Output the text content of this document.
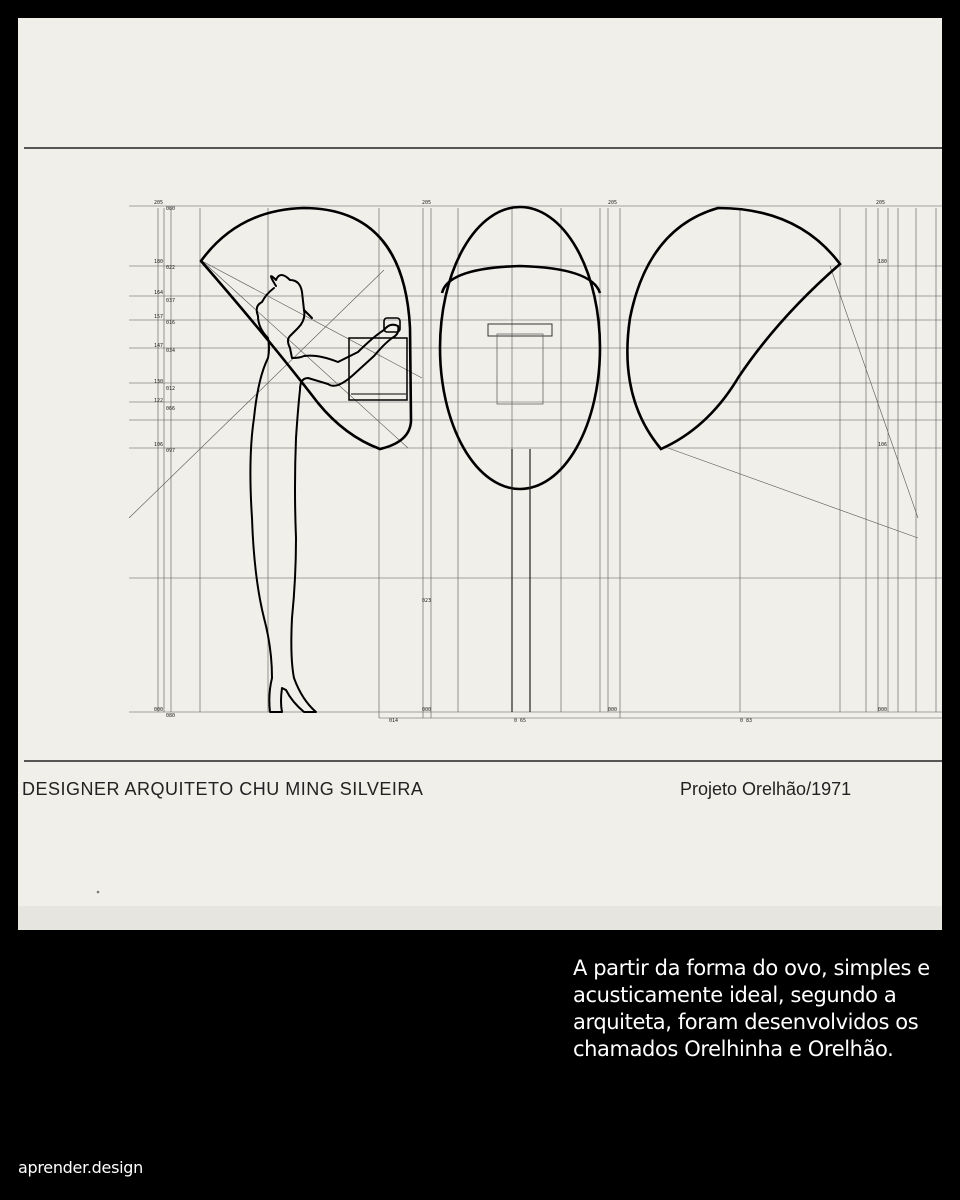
205
080
180
022
164
037
157
016
147
034
130
012
122
066
106
097
000
080
205
023
000
014	0 65	0 83
205
000
205
180
106
000
DESIGNER ARQUITETO CHU MING SILVEIRA	Projeto Orelhão/1971
A partir da forma do ovo, simples e acusticamente ideal, segundo a arquiteta, foram desenvolvidos os chamados Orelhinha e Orelhão.
aprender.design
